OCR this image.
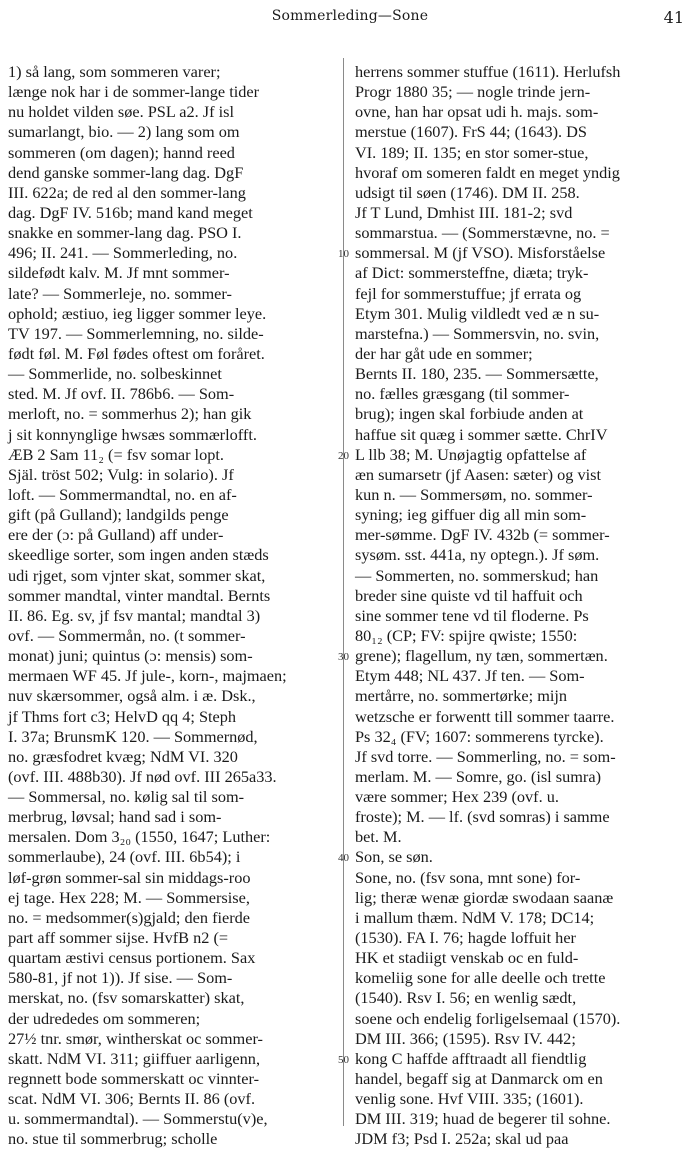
Sommerleding—Sone	41
1) så lang, som sommeren varer;
længe nok har i de sommer-lange tider
nu holdet vilden søe. PSL a2. Jf isl
sumarlangt, bio. — 2) lang som om
sommeren (om dagen); hannd reed
dend ganske sommer-lang dag. DgF
III. 622a; de red al den sommer-lang
dag. DgF IV. 516b; mand kand meget
snakke en sommer-lang dag. PSO I.
496; II. 241. — Sommerleding, no.
sildefødt kalv. M. Jf mnt sommer-
late? — Sommerleje, no. sommer-
ophold; æstiuo, ieg ligger sommer leye.
TV 197. — Sommerlemning, no. silde-
født føl. M. Føl fødes oftest om foråret.
— Sommerlide, no. solbeskinnet
sted. M. Jf ovf. II. 786b6. — Som-
merloft, no. = sommerhus 2); han gik
j sit konnynglige hwsæs sommærlofft.
ÆB 2 Sam 11₂ (= fsv somar lopt.
Själ. tröst 502; Vulg: in solario). Jf
loft. — Sommermandtal, no. en af-
gift (på Gulland); landgilds penge
ere der (ɔ: på Gulland) aff under-
skeedlige sorter, som ingen anden stæds
udi rjget, som vjnter skat, sommer skat,
sommer mandtal, vinter mandtal. Bernts
II. 86. Eg. sv, jf fsv mantal; mandtal 3)
ovf. — Sommermån, no. (t sommer-
monat) juni; quintus (ɔ: mensis) som-
mermaen WF 45. Jf jule-, korn-, majmaen;
nuv skærsommer, også alm. i æ. Dsk.,
jf Thms fort c3; HelvD qq 4; Steph
I. 37a; BrunsmK 120. — Sommernød,
no. græsfodret kvæg; NdM VI. 320
(ovf. III. 488b30). Jf nød ovf. III 265a33.
— Sommersal, no. kølig sal til som-
merbrug, løvsal; hand sad i som-
mersalen. Dom 3₂₀ (1550, 1647; Luther:
sommerlaube), 24 (ovf. III. 6b54); i
løf-grøn sommer-sal sin middags-roo
ej tage. Hex 228; M. — Sommersise,
no. = medsommer(s)gjald; den fierde
part aff sommer sijse. HvfB n2 (=
quartam æstivi census portionem. Sax
580-81, jf not 1)). Jf sise. — Som-
merskat, no. (fsv somarskatter) skat,
der udrededes om sommeren;
27½ tnr. smør, wintherskat oc sommer-
skatt. NdM VI. 311; giiffuer aarligenn,
regnnett bode sommerskatt oc vinnter-
scat. NdM VI. 306; Bernts II. 86 (ovf.
u. sommermandtal). — Sommerstu(v)e,
no. stue til sommerbrug; scholle
herrens sommer stuffue (1611). Herlufsh
Progr 1880 35; — nogle trinde jern-
ovne, han har opsat udi h. majs. som-
merstue (1607). FrS 44; (1643). DS
VI. 189; II. 135; en stor somer-stue,
hvoraf om someren faldt en meget yndig
udsigt til søen (1746). DM II. 258.
Jf T Lund, Dmhist III. 181-2; svd
sommarstua. — (Sommerstævne, no. =
sommersal. M (jf VSO). Misforståelse
10
af Dict: sommersteffne, diæta; tryk-
fejl for sommerstuffue; jf errata og
Etym 301. Mulig vildledt ved æ n su-
marstefna.) — Sommersvin, no. svin,
der har gåt ude en sommer;
Bernts II. 180, 235. — Sommersætte,
no. fælles græsgang (til sommer-
brug); ingen skal forbiude anden at
haffue sit quæg i sommer sætte. ChrIV
L llb 38; M. Unøjagtig opfattelse af
20
æn sumarsetr (jf Aasen: sæter) og vist
kun n. — Sommersøm, no. sommer-
syning; ieg giffuer dig all min som-
mer-sømme. DgF IV. 432b (= sommer-
sysøm. sst. 441a, ny optegn.). Jf søm.
— Sommerten, no. sommerskud; han
breder sine quiste vd til haffuit och
sine sommer tene vd til floderne. Ps
80₁₂ (CP; FV: spijre qwiste; 1550:
grene); flagellum, ny tæn, sommertæn.
30
Etym 448; NL 437. Jf ten. — Som-
mertårre, no. sommertørke; mijn
wetzsche er forwentt till sommer taarre.
Ps 32₄ (FV; 1607: sommerens tyrcke).
Jf svd torre. — Sommerling, no. = som-
merlam. M. — Somre, go. (isl sumra)
være sommer; Hex 239 (ovf. u.
froste); M. — lf. (svd somras) i samme
bet. M.
Son, se søn.
40
Sone, no. (fsv sona, mnt sone) for-
lig; theræ wenæ giordæ swodaan saanæ
i mallum thæm. NdM V. 178; DC14;
(1530). FA I. 76; hagde loffuit her
HK et stadiigt venskab oc en fuld-
komeliig sone for alle deelle och trette
(1540). Rsv I. 56; en wenlig sædt,
soene och endelig forligelsemaal (1570).
DM III. 366; (1595). Rsv IV. 442;
kong C haffde afftraadt all fiendtlig
50
handel, begaff sig at Danmarck om en
venlig sone. Hvf VIII. 335; (1601).
DM III. 319; huad de begerer til sohne.
JDM f3; Psd I. 252a; skal ud paa
